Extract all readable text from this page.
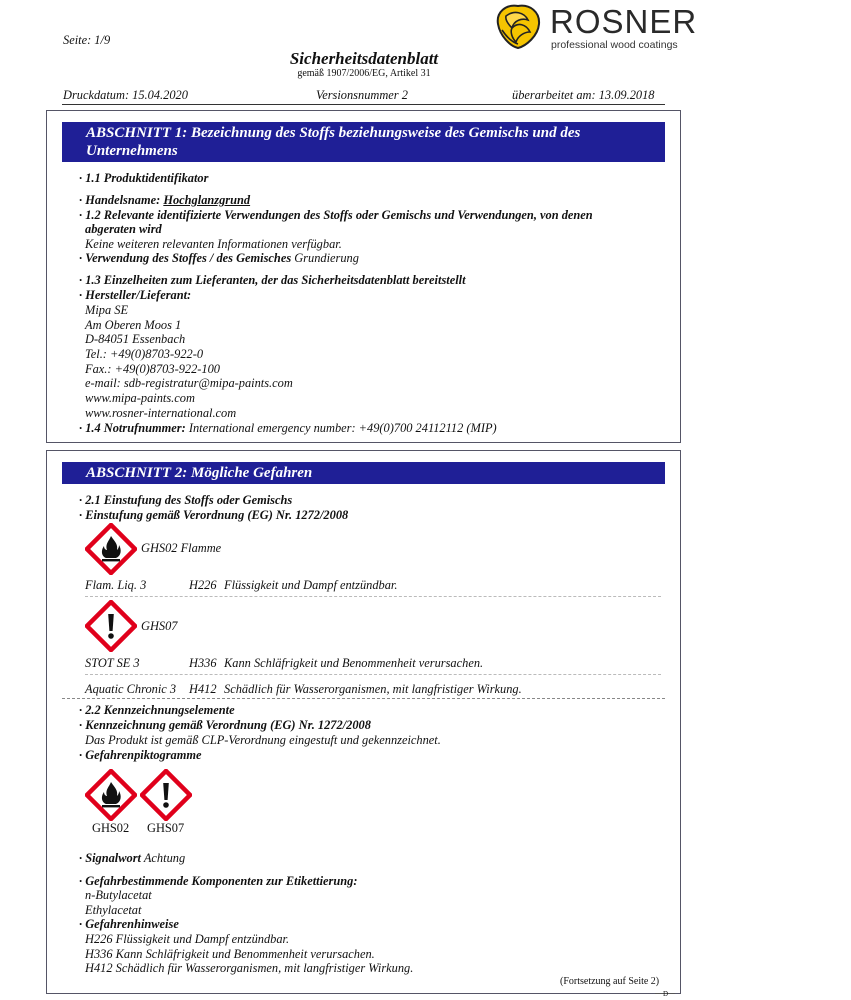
Seite: 1/9
Sicherheitsdatenblatt
gemäß 1907/2006/EG, Artikel 31
ROSNER
professional wood coatings
Druckdatum: 15.04.2020	Versionsnummer 2	überarbeitet am: 13.09.2018
ABSCHNITT 1: Bezeichnung des Stoffs beziehungsweise des Gemischs und des
Unternehmens
· 1.1 Produktidentifikator
· Handelsname: Hochglanzgrund
· 1.2 Relevante identifizierte Verwendungen des Stoffs oder Gemischs und Verwendungen, von denen
abgeraten wird
Keine weiteren relevanten Informationen verfügbar.
· Verwendung des Stoffes / des Gemisches Grundierung
· 1.3 Einzelheiten zum Lieferanten, der das Sicherheitsdatenblatt bereitstellt
· Hersteller/Lieferant:
Mipa SE
Am Oberen Moos 1
D-84051 Essenbach
Tel.: +49(0)8703-922-0
Fax.: +49(0)8703-922-100
e-mail: sdb-registratur@mipa-paints.com
www.mipa-paints.com
www.rosner-international.com
· 1.4 Notrufnummer: International emergency number: +49(0)700 24112112 (MIP)
ABSCHNITT 2: Mögliche Gefahren
· 2.1 Einstufung des Stoffs oder Gemischs
· Einstufung gemäß Verordnung (EG) Nr. 1272/2008
GHS02 Flamme
Flam. Liq. 3	H226 Flüssigkeit und Dampf entzündbar.
GHS07
STOT SE 3	H336 Kann Schläfrigkeit und Benommenheit verursachen.
Aquatic Chronic 3 H412 Schädlich für Wasserorganismen, mit langfristiger Wirkung.
· 2.2 Kennzeichnungselemente
· Kennzeichnung gemäß Verordnung (EG) Nr. 1272/2008
Das Produkt ist gemäß CLP-Verordnung eingestuft und gekennzeichnet.
· Gefahrenpiktogramme
GHS02 GHS07
· Signalwort Achtung
· Gefahrbestimmende Komponenten zur Etikettierung:
n-Butylacetat
Ethylacetat
· Gefahrenhinweise
H226 Flüssigkeit und Dampf entzündbar.
H336 Kann Schläfrigkeit und Benommenheit verursachen.
H412 Schädlich für Wasserorganismen, mit langfristiger Wirkung.
(Fortsetzung auf Seite 2)
D
